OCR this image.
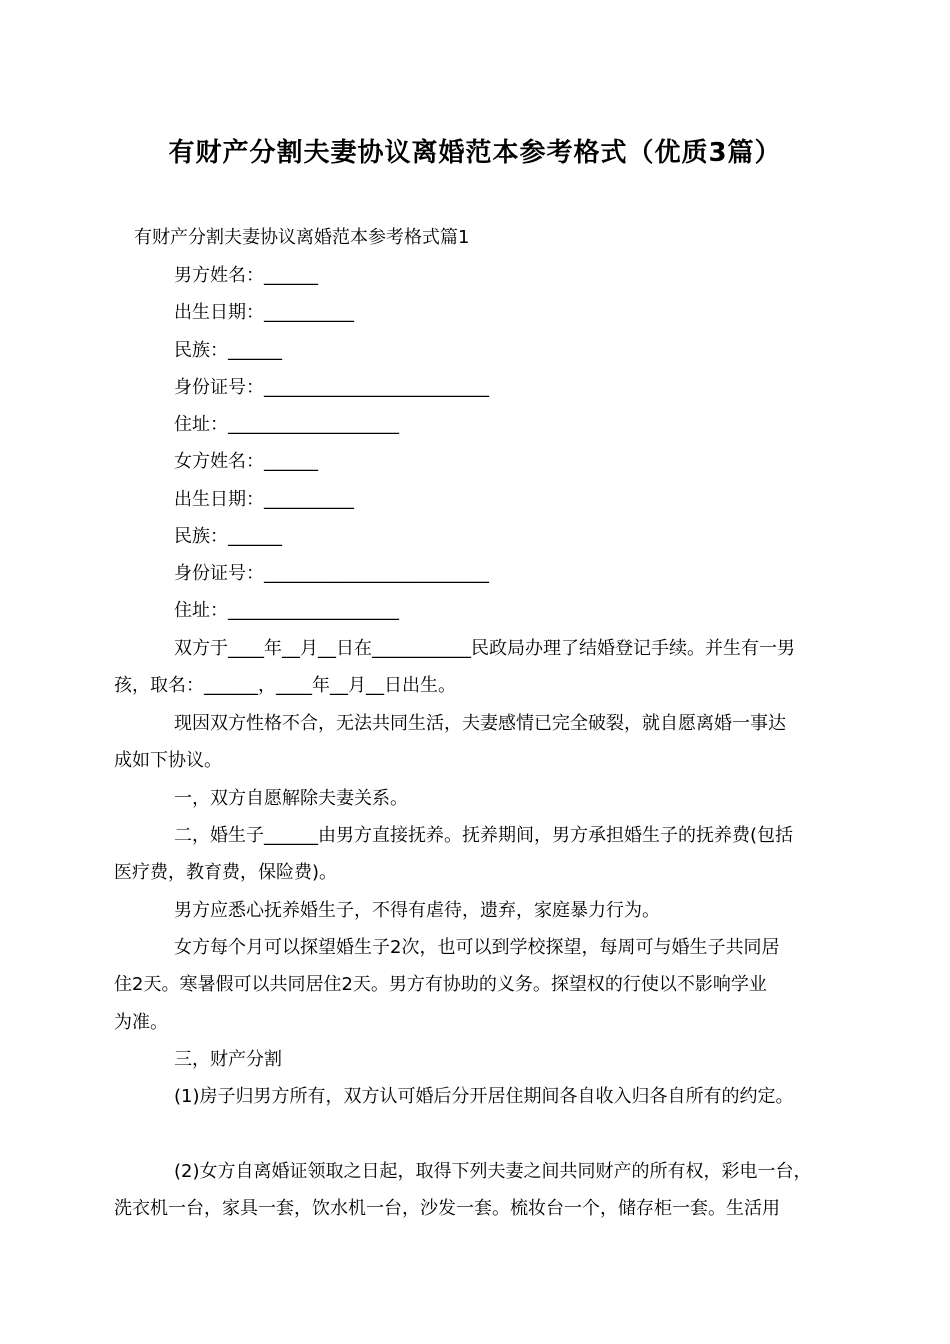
有财产分割夫妻协议离婚范本参考格式（优质3篇）
有财产分割夫妻协议离婚范本参考格式篇1
男方姓名：______
出生日期：__________
民族：______
身份证号：_________________________
住址：___________________
女方姓名：______
出生日期：__________
民族：______
身份证号：_________________________
住址：___________________
双方于____年__月__日在___________民政局办理了结婚登记手续。并生有一男
孩，取名：______，____年__月__日出生。
现因双方性格不合，无法共同生活，夫妻感情已完全破裂，就自愿离婚一事达
成如下协议。
一，双方自愿解除夫妻关系。
二，婚生子______由男方直接抚养。抚养期间，男方承担婚生子的抚养费(包括
医疗费，教育费，保险费)。
男方应悉心抚养婚生子，不得有虐待，遗弃，家庭暴力行为。
女方每个月可以探望婚生子2次，也可以到学校探望，每周可与婚生子共同居
住2天。寒暑假可以共同居住2天。男方有协助的义务。探望权的行使以不影响学业
为准。
三，财产分割
(1)房子归男方所有，双方认可婚后分开居住期间各自收入归各自所有的约定。
(2)女方自离婚证领取之日起，取得下列夫妻之间共同财产的所有权，彩电一台，
洗衣机一台，家具一套，饮水机一台，沙发一套。梳妆台一个，储存柜一套。生活用
